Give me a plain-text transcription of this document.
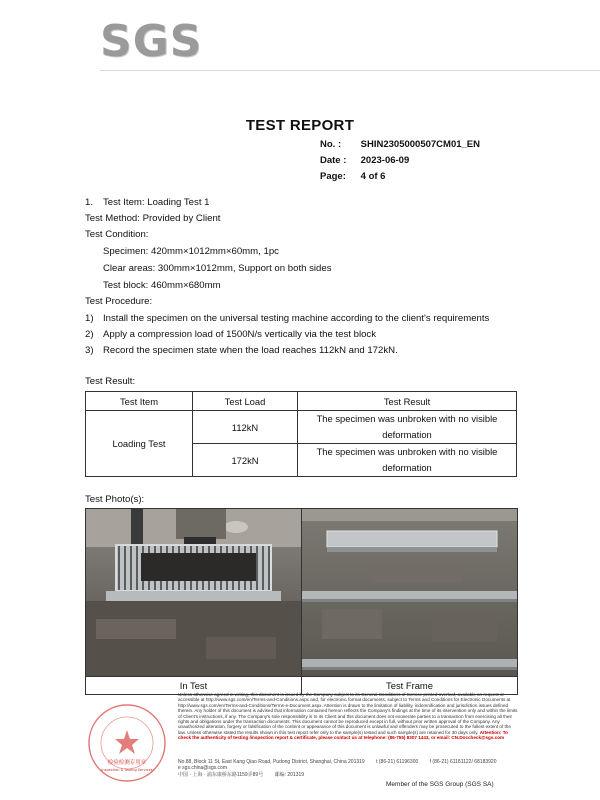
SGS
TEST REPORT
No. : SHIN2305000507CM01_EN
Date : 2023-06-09
Page: 4 of 6
1. Test Item: Loading Test 1
Test Method: Provided by Client
Test Condition:
Specimen: 420mm×1012mm×60mm, 1pc
Clear areas: 300mm×1012mm, Support on both sides
Test block: 460mm×680mm
Test Procedure:
1) Install the specimen on the universal testing machine according to the client's requirements
2) Apply a compression load of 1500N/s vertically via the test block
3) Record the specimen state when the load reaches 112kN and 172kN.
Test Result:
Test Item	Test Load	Test Result
Loading Test	112kN	The specimen was unbroken with no visible
deformation
	172kN	The specimen was unbroken with no visible
deformation
Test Photo(s):

In Test	Test Frame
检验检测专用章
Inspection & Testing Services
Unless otherwise agreed in writing, this document is issued by the Company subject to its General Conditions of Service printed overleaf, available on request or accessible at http://www.sgs.com/en/Terms-and-Conditions.aspx and, for electronic format documents, subject to Terms and Conditions for Electronic Documents at http://www.sgs.com/en/Terms-and-Conditions/Terms-e-Document.aspx. Attention is drawn to the limitation of liability, indemnification and jurisdiction issues defined therein. Any holder of this document is advised that information contained hereon reflects the Company's findings at the time of its intervention only and within the limits of Client's instructions, if any. The Company's sole responsibility is to its Client and this document does not exonerate parties to a transaction from exercising all their rights and obligations under the transaction documents. This document cannot be reproduced except in full, without prior written approval of the Company. Any unauthorized alteration, forgery or falsification of the content or appearance of this document is unlawful and offenders may be prosecuted to the fullest extent of the law. Unless otherwise stated the results shown in this test report refer only to the sample(s) tested and such sample(s) are retained for 30 days only. Attention: To check the authenticity of testing /inspection report & certificate, please contact us at telephone: (86-755) 8307 1443, or email: CN.Doccheck@sgs.com
No.88, Block 11 St, East Kang Qiao Road, Pudong District, Shanghai, China 201319 t (86-21) 61196300 f (86-21) 61181122/ 68183920 e sgs.china@sgs.com
中国 · 上海 · 浦东康桥东路1159弄89号 邮编: 201319
Member of the SGS Group (SGS SA)
